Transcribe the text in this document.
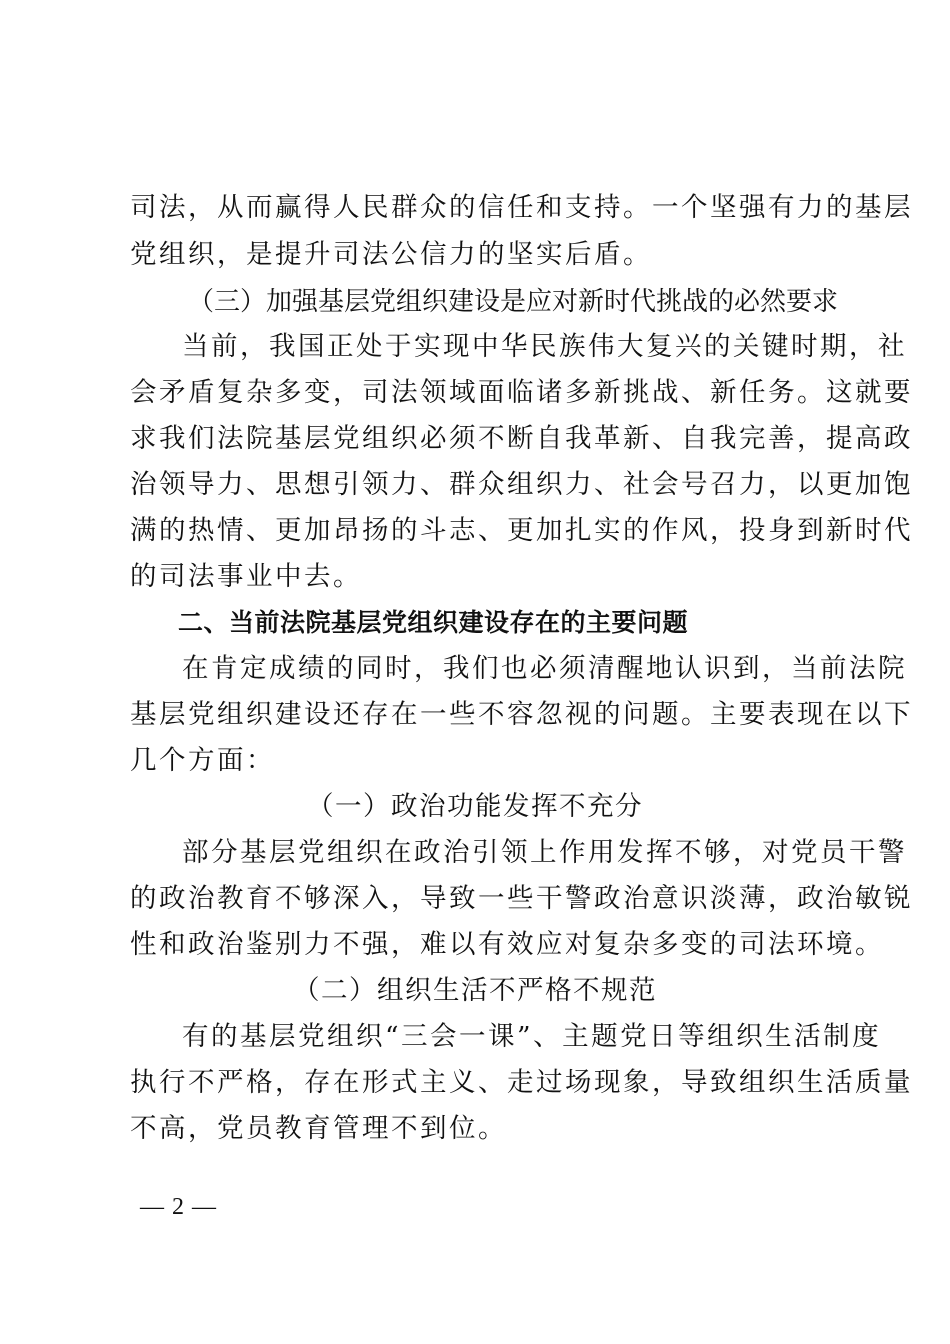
司法，从而赢得人民群众的信任和支持。一个坚强有力的基层
党组织，是提升司法公信力的坚实后盾。
（三）加强基层党组织建设是应对新时代挑战的必然要求
当前，我国正处于实现中华民族伟大复兴的关键时期，社
会矛盾复杂多变，司法领域面临诸多新挑战、新任务。这就要
求我们法院基层党组织必须不断自我革新、自我完善，提高政
治领导力、思想引领力、群众组织力、社会号召力，以更加饱
满的热情、更加昂扬的斗志、更加扎实的作风，投身到新时代
的司法事业中去。
二、当前法院基层党组织建设存在的主要问题
在肯定成绩的同时，我们也必须清醒地认识到，当前法院
基层党组织建设还存在一些不容忽视的问题。主要表现在以下
几个方面：
（一）政治功能发挥不充分
部分基层党组织在政治引领上作用发挥不够，对党员干警
的政治教育不够深入，导致一些干警政治意识淡薄，政治敏锐
性和政治鉴别力不强，难以有效应对复杂多变的司法环境。
（二）组织生活不严格不规范
有的基层党组织“三会一课”、主题党日等组织生活制度
执行不严格，存在形式主义、走过场现象，导致组织生活质量
不高，党员教育管理不到位。
— 2 —
